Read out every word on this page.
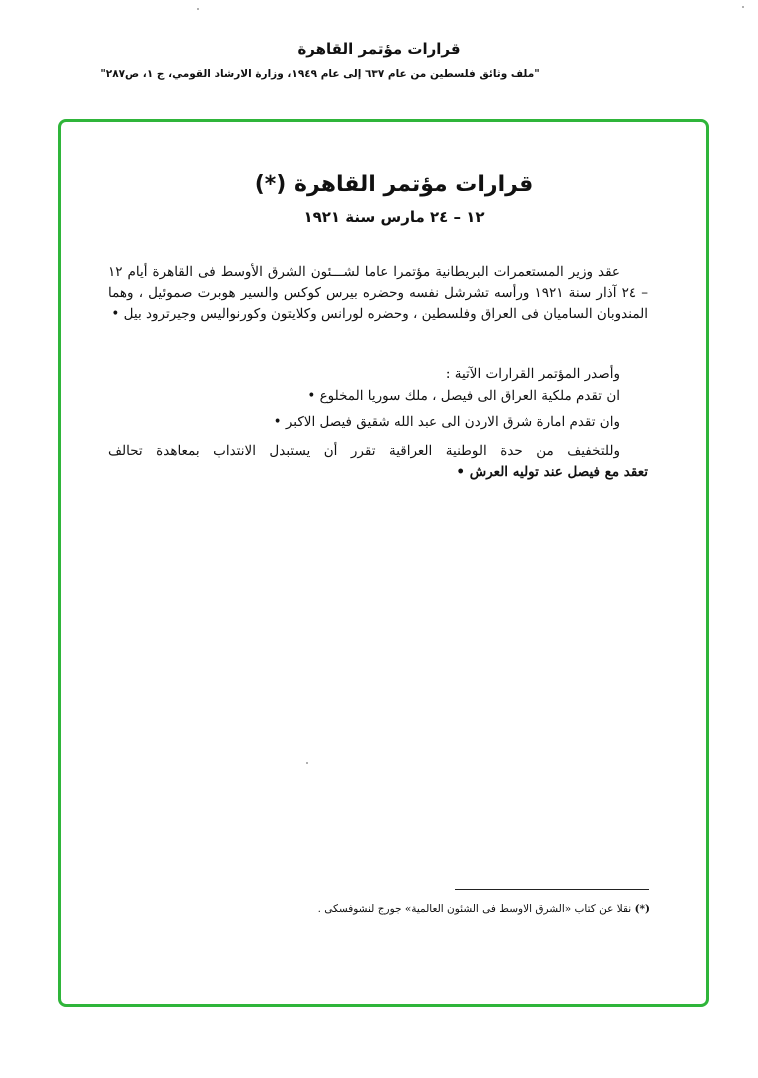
قرارات مؤتمر القاهرة
"ملف وثائق فلسطين من عام ٦٣٧ إلى عام ١٩٤٩، وزارة الارشاد القومي، ج ١، ص٢٨٧"
قرارات مؤتمر القاهرة (*)
١٢ – ٢٤ مارس سنة ١٩٢١

عقد وزير المستعمرات البريطانية مؤتمرا عاما لشـــئون الشرق الأوسط فى القاهرة أيام ١٢ – ٢٤ آذار سنة ١٩٢١ ورأسه تشرشل نفسه وحضره بيرس كوكس والسير هوبرت صموئيل ، وهما المندوبان الساميان فى العراق وفلسطين ، وحضره لورانس وكلايتون وكورنواليس وجيرترود بيل •

وأصدر المؤتمر القرارات الآتية :

ان تقدم ملكية العراق الى فيصل ، ملك سوريا المخلوع •

وان تقدم امارة شرق الاردن الى عبد الله شقيق فيصل الاكبر •

وللتخفيف من حدة الوطنية العراقية تقرر أن يستبدل الانتداب بمعاهدة تحالف
تعقد مع فيصل عند توليه العرش •
(*) نقلا عن كتاب «الشرق الاوسط فى الشئون العالمية» جورج لنشوفسكى .
